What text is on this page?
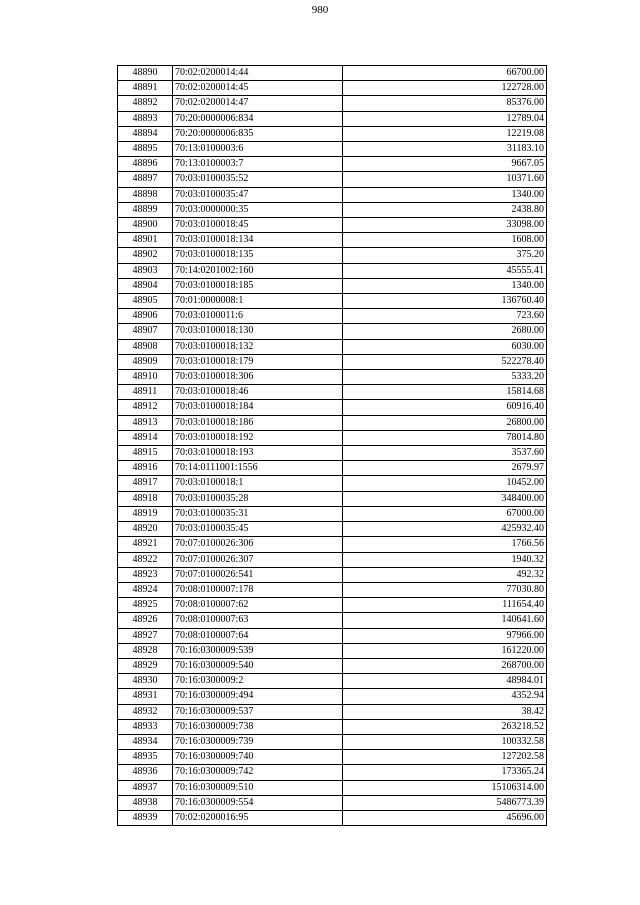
980
48890	70:02:0200014:44	66700.00
48891	70:02:0200014:45	122728.00
48892	70:02:0200014:47	85376.00
48893	70:20:0000006:834	12789.04
48894	70:20:0000006:835	12219.08
48895	70:13:0100003:6	31183.10
48896	70:13:0100003:7	9667.05
48897	70:03:0100035:52	10371.60
48898	70:03:0100035:47	1340.00
48899	70:03:0000000:35	2438.80
48900	70:03:0100018:45	33098.00
48901	70:03:0100018:134	1608.00
48902	70:03:0100018:135	375.20
48903	70:14:0201002:160	45555.41
48904	70:03:0100018:185	1340.00
48905	70:01:0000008:1	136760.40
48906	70:03:0100011:6	723.60
48907	70:03:0100018:130	2680.00
48908	70:03:0100018:132	6030.00
48909	70:03:0100018:179	522278.40
48910	70:03:0100018:306	5333.20
48911	70:03:0100018:46	15814.68
48912	70:03:0100018:184	60916.40
48913	70:03:0100018:186	26800.00
48914	70:03:0100018:192	78014.80
48915	70:03:0100018:193	3537.60
48916	70:14:0111001:1556	2679.97
48917	70:03:0100018:1	10452.00
48918	70:03:0100035:28	348400.00
48919	70:03:0100035:31	67000.00
48920	70:03:0100035:45	425932.40
48921	70:07:0100026:306	1766.56
48922	70:07:0100026:307	1940.32
48923	70:07:0100026:541	492.32
48924	70:08:0100007:178	77030.80
48925	70:08:0100007:62	111654.40
48926	70:08:0100007:63	140641.60
48927	70:08:0100007:64	97966.00
48928	70:16:0300009:539	161220.00
48929	70:16:0300009:540	268700.00
48930	70:16:0300009:2	48984.01
48931	70:16:0300009:494	4352.94
48932	70:16:0300009:537	38.42
48933	70:16:0300009:738	263218.52
48934	70:16:0300009:739	100332.58
48935	70:16:0300009:740	127202.58
48936	70:16:0300009:742	173365.24
48937	70:16:0300009:510	15106314.00
48938	70:16:0300009:554	5486773.39
48939	70:02:0200016:95	45696.00
